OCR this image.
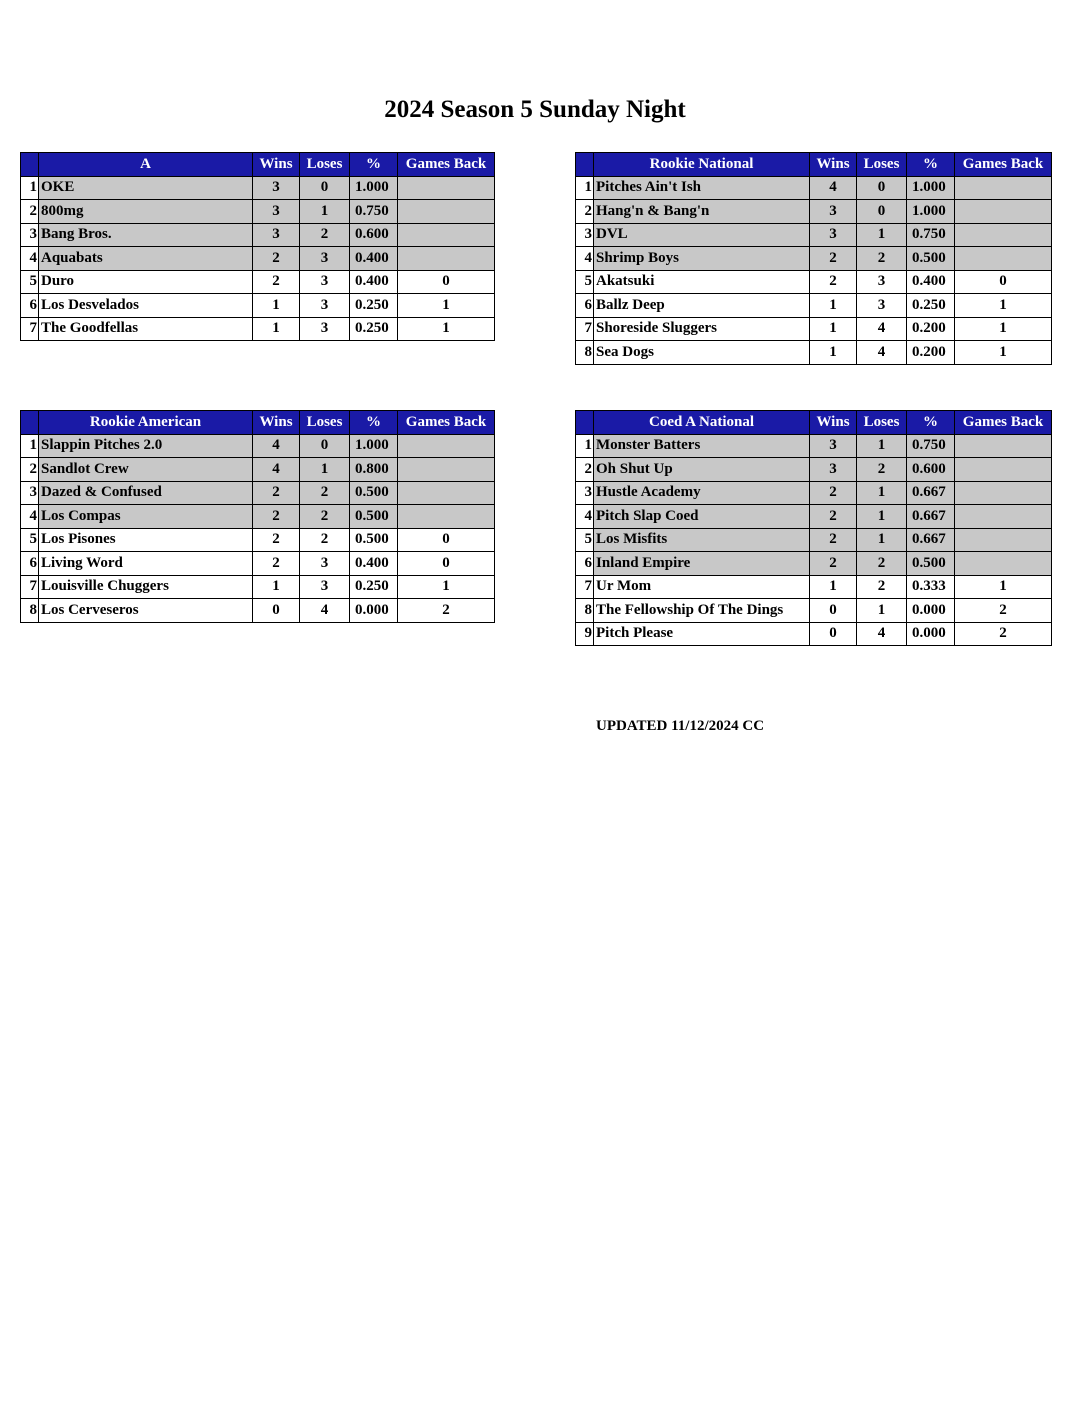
2024 Season 5 Sunday Night
	A	Wins	Loses	%	Games Back
1	OKE	3	0	1.000	
2	800mg	3	1	0.750	
3	Bang Bros.	3	2	0.600	
4	Aquabats	2	3	0.400	
5	Duro	2	3	0.400	0
6	Los Desvelados	1	3	0.250	1
7	The Goodfellas	1	3	0.250	1
	Rookie National	Wins	Loses	%	Games Back
1	Pitches Ain't Ish	4	0	1.000	
2	Hang'n & Bang'n	3	0	1.000	
3	DVL	3	1	0.750	
4	Shrimp Boys	2	2	0.500	
5	Akatsuki	2	3	0.400	0
6	Ballz Deep	1	3	0.250	1
7	Shoreside Sluggers	1	4	0.200	1
8	Sea Dogs	1	4	0.200	1
	Rookie American	Wins	Loses	%	Games Back
1	Slappin Pitches 2.0	4	0	1.000	
2	Sandlot Crew	4	1	0.800	
3	Dazed & Confused	2	2	0.500	
4	Los Compas	2	2	0.500	
5	Los Pisones	2	2	0.500	0
6	Living Word	2	3	0.400	0
7	Louisville Chuggers	1	3	0.250	1
8	Los Cerveseros	0	4	0.000	2
	Coed A National	Wins	Loses	%	Games Back
1	Monster Batters	3	1	0.750	
2	Oh Shut Up	3	2	0.600	
3	Hustle Academy	2	1	0.667	
4	Pitch Slap Coed	2	1	0.667	
5	Los Misfits	2	1	0.667	
6	Inland Empire	2	2	0.500	
7	Ur Mom	1	2	0.333	1
8	The Fellowship Of The Dings	0	1	0.000	2
9	Pitch Please	0	4	0.000	2
UPDATED 11/12/2024 CC
